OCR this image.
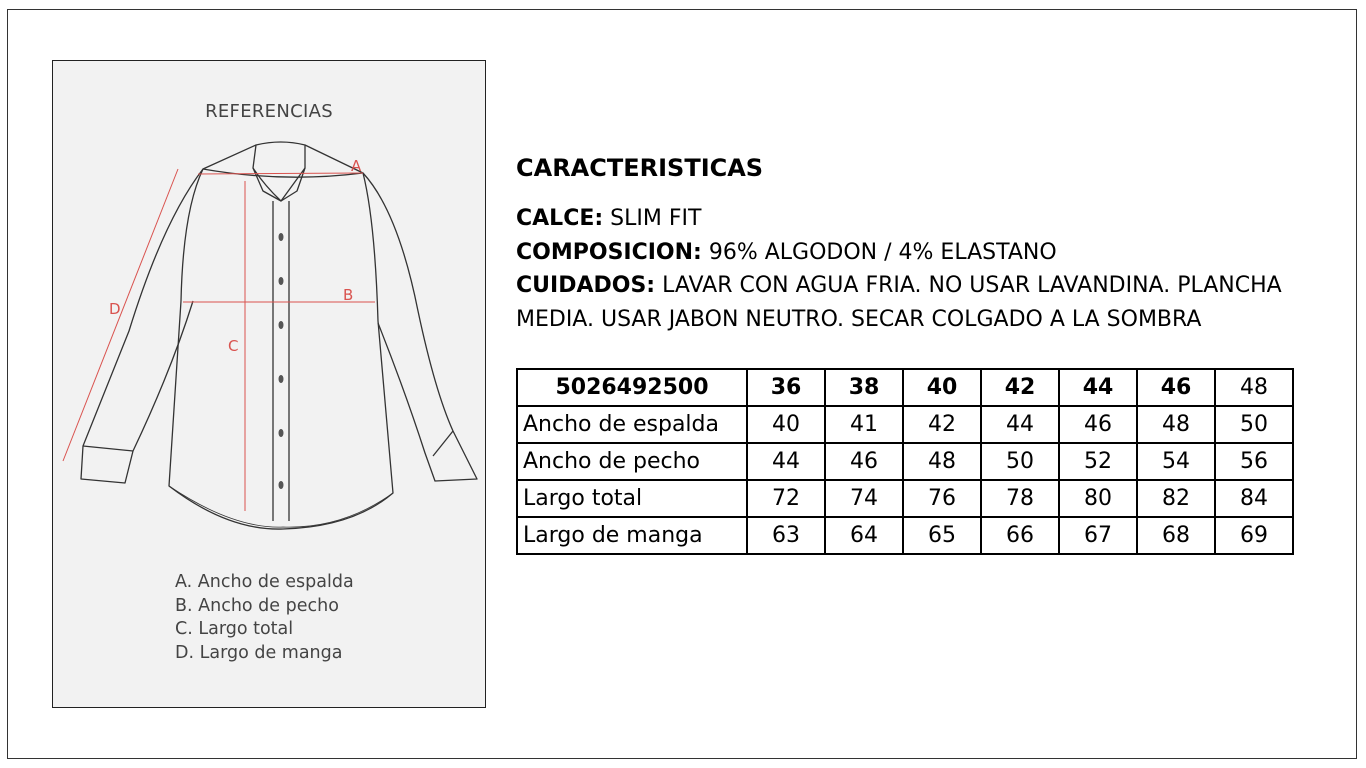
REFERENCIAS
A
B
C
D
A. Ancho de espalda
B. Ancho de pecho
C. Largo total
D. Largo de manga
CARACTERISTICAS
CALCE: SLIM FIT
COMPOSICION: 96% ALGODON / 4% ELASTANO
CUIDADOS: LAVAR CON AGUA FRIA. NO USAR LAVANDINA. PLANCHA
MEDIA. USAR JABON NEUTRO. SECAR COLGADO A LA SOMBRA
5026492500	36	38	40	42	44	46	48
Ancho de espalda	40	41	42	44	46	48	50
Ancho de pecho	44	46	48	50	52	54	56
Largo total	72	74	76	78	80	82	84
Largo de manga	63	64	65	66	67	68	69
